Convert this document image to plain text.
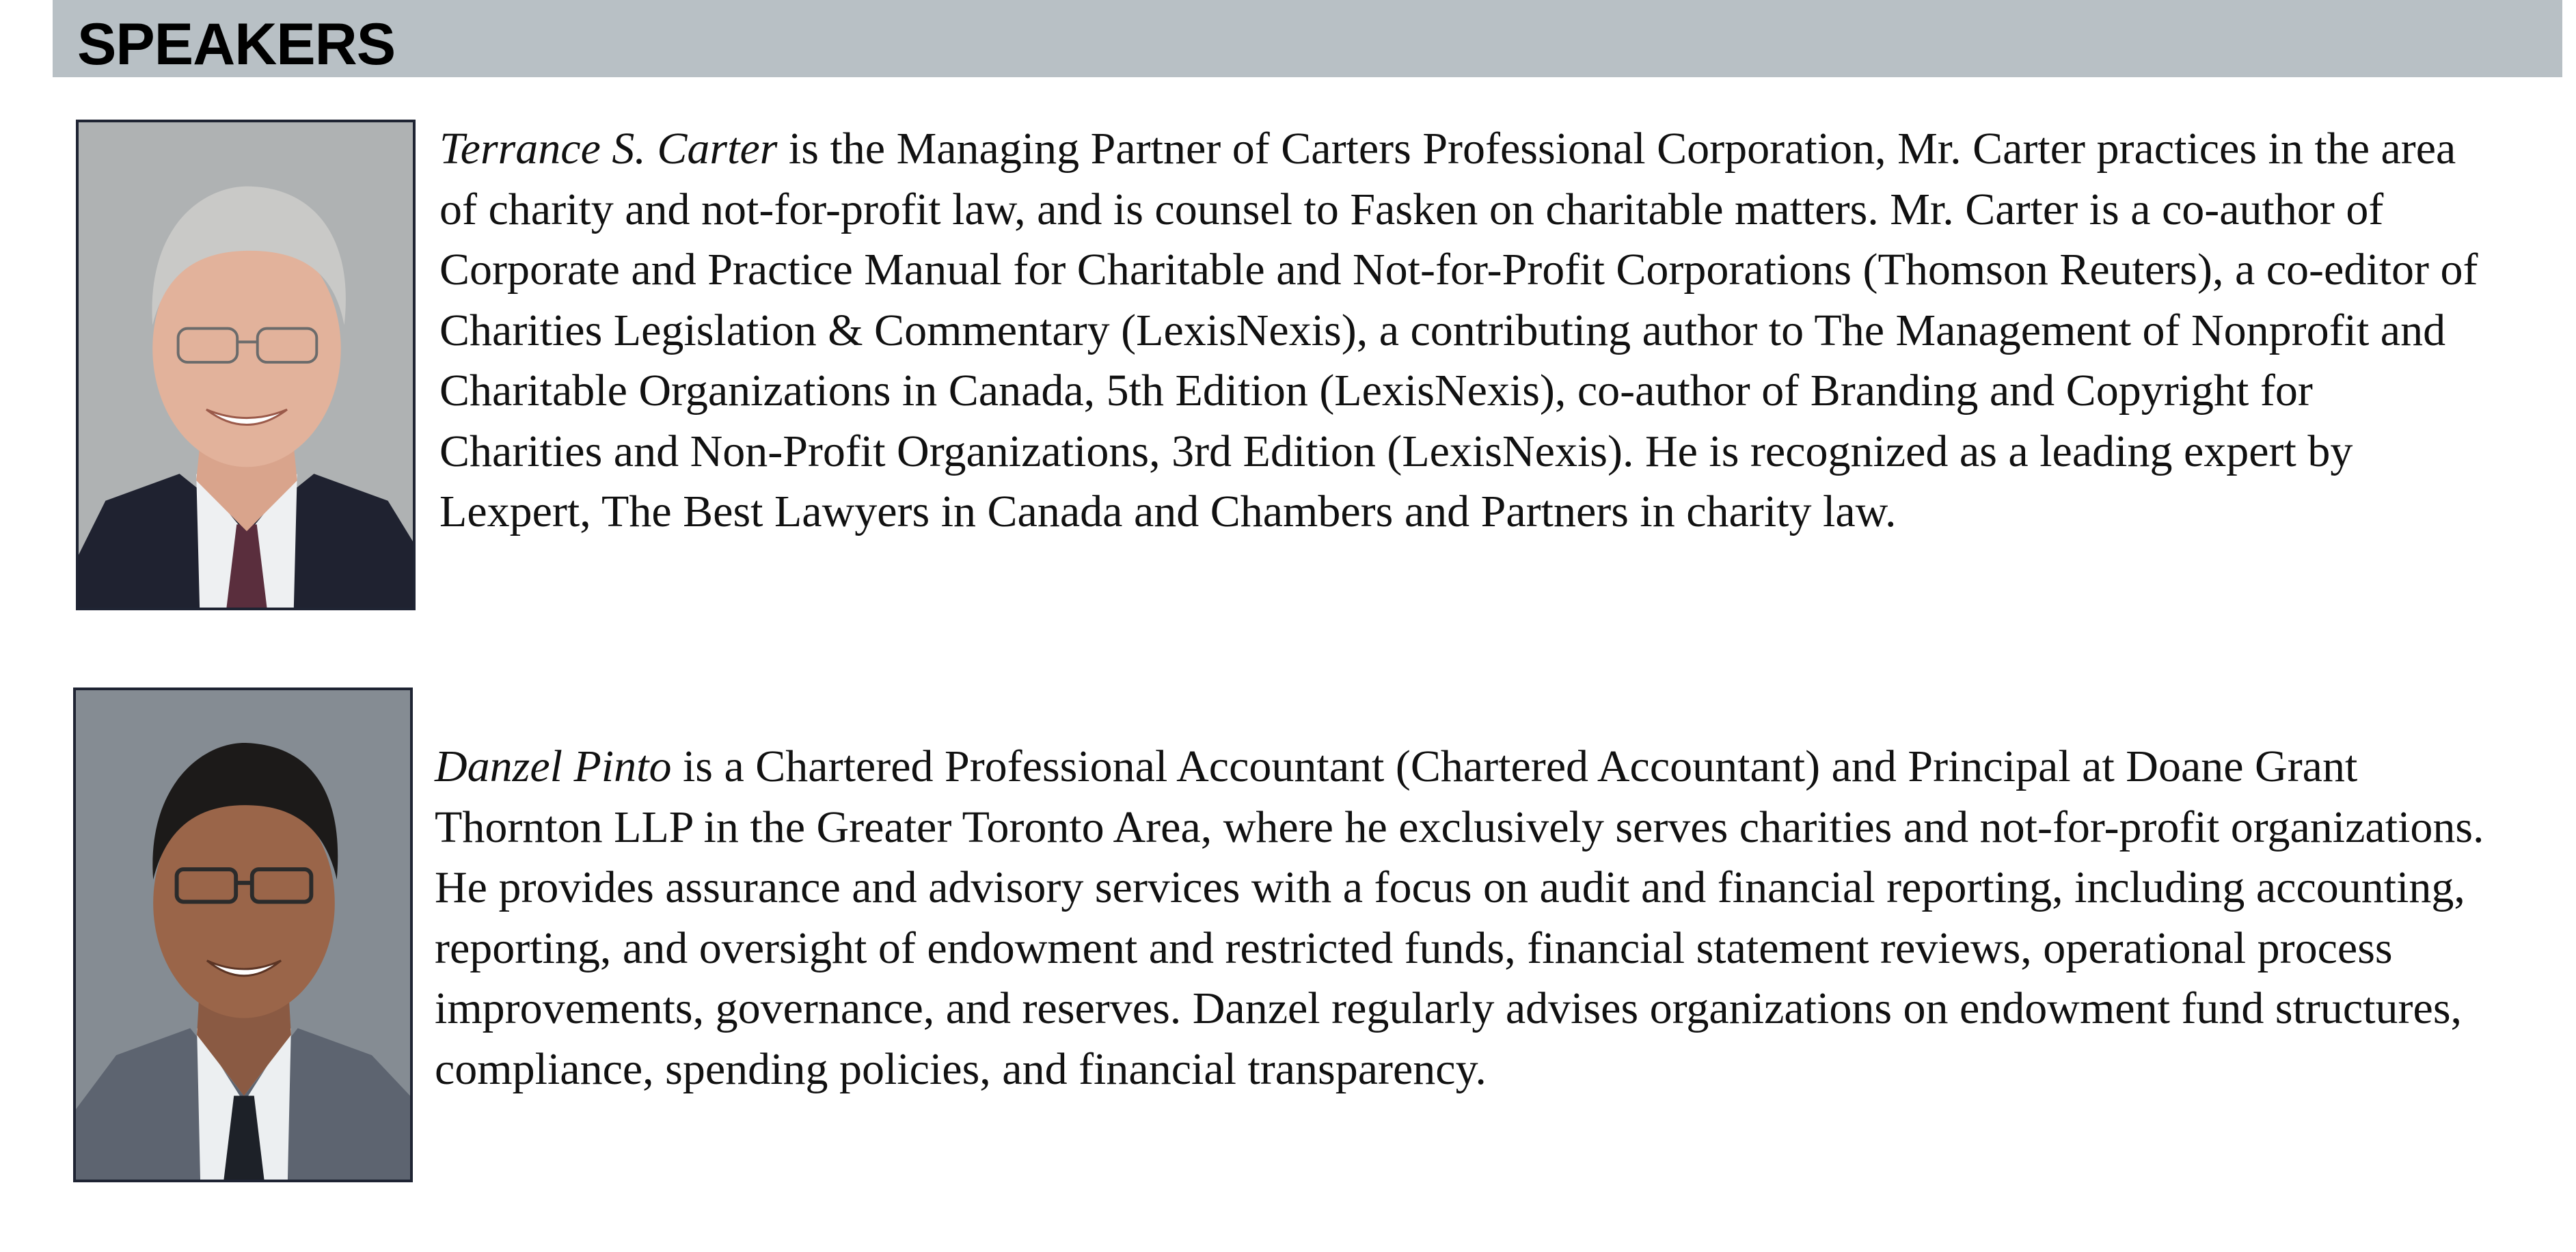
SPEAKERS

Terrance S. Carter is the Managing Partner of Carters Professional Corporation, Mr. Carter practices in the area
of charity and not-for-profit law, and is counsel to Fasken on charitable matters. Mr. Carter is a co-author of
Corporate and Practice Manual for Charitable and Not-for-Profit Corporations (Thomson Reuters), a co-editor of
Charities Legislation & Commentary (LexisNexis), a contributing author to The Management of Nonprofit and
Charitable Organizations in Canada, 5th Edition (LexisNexis), co-author of Branding and Copyright for
Charities and Non-Profit Organizations, 3rd Edition (LexisNexis). He is recognized as a leading expert by
Lexpert, The Best Lawyers in Canada and Chambers and Partners in charity law.

Danzel Pinto is a Chartered Professional Accountant (Chartered Accountant) and Principal at Doane Grant
Thornton LLP in the Greater Toronto Area, where he exclusively serves charities and not-for-profit organizations.
He provides assurance and advisory services with a focus on audit and financial reporting, including accounting,
reporting, and oversight of endowment and restricted funds, financial statement reviews, operational process
improvements, governance, and reserves. Danzel regularly advises organizations on endowment fund structures,
compliance, spending policies, and financial transparency.
